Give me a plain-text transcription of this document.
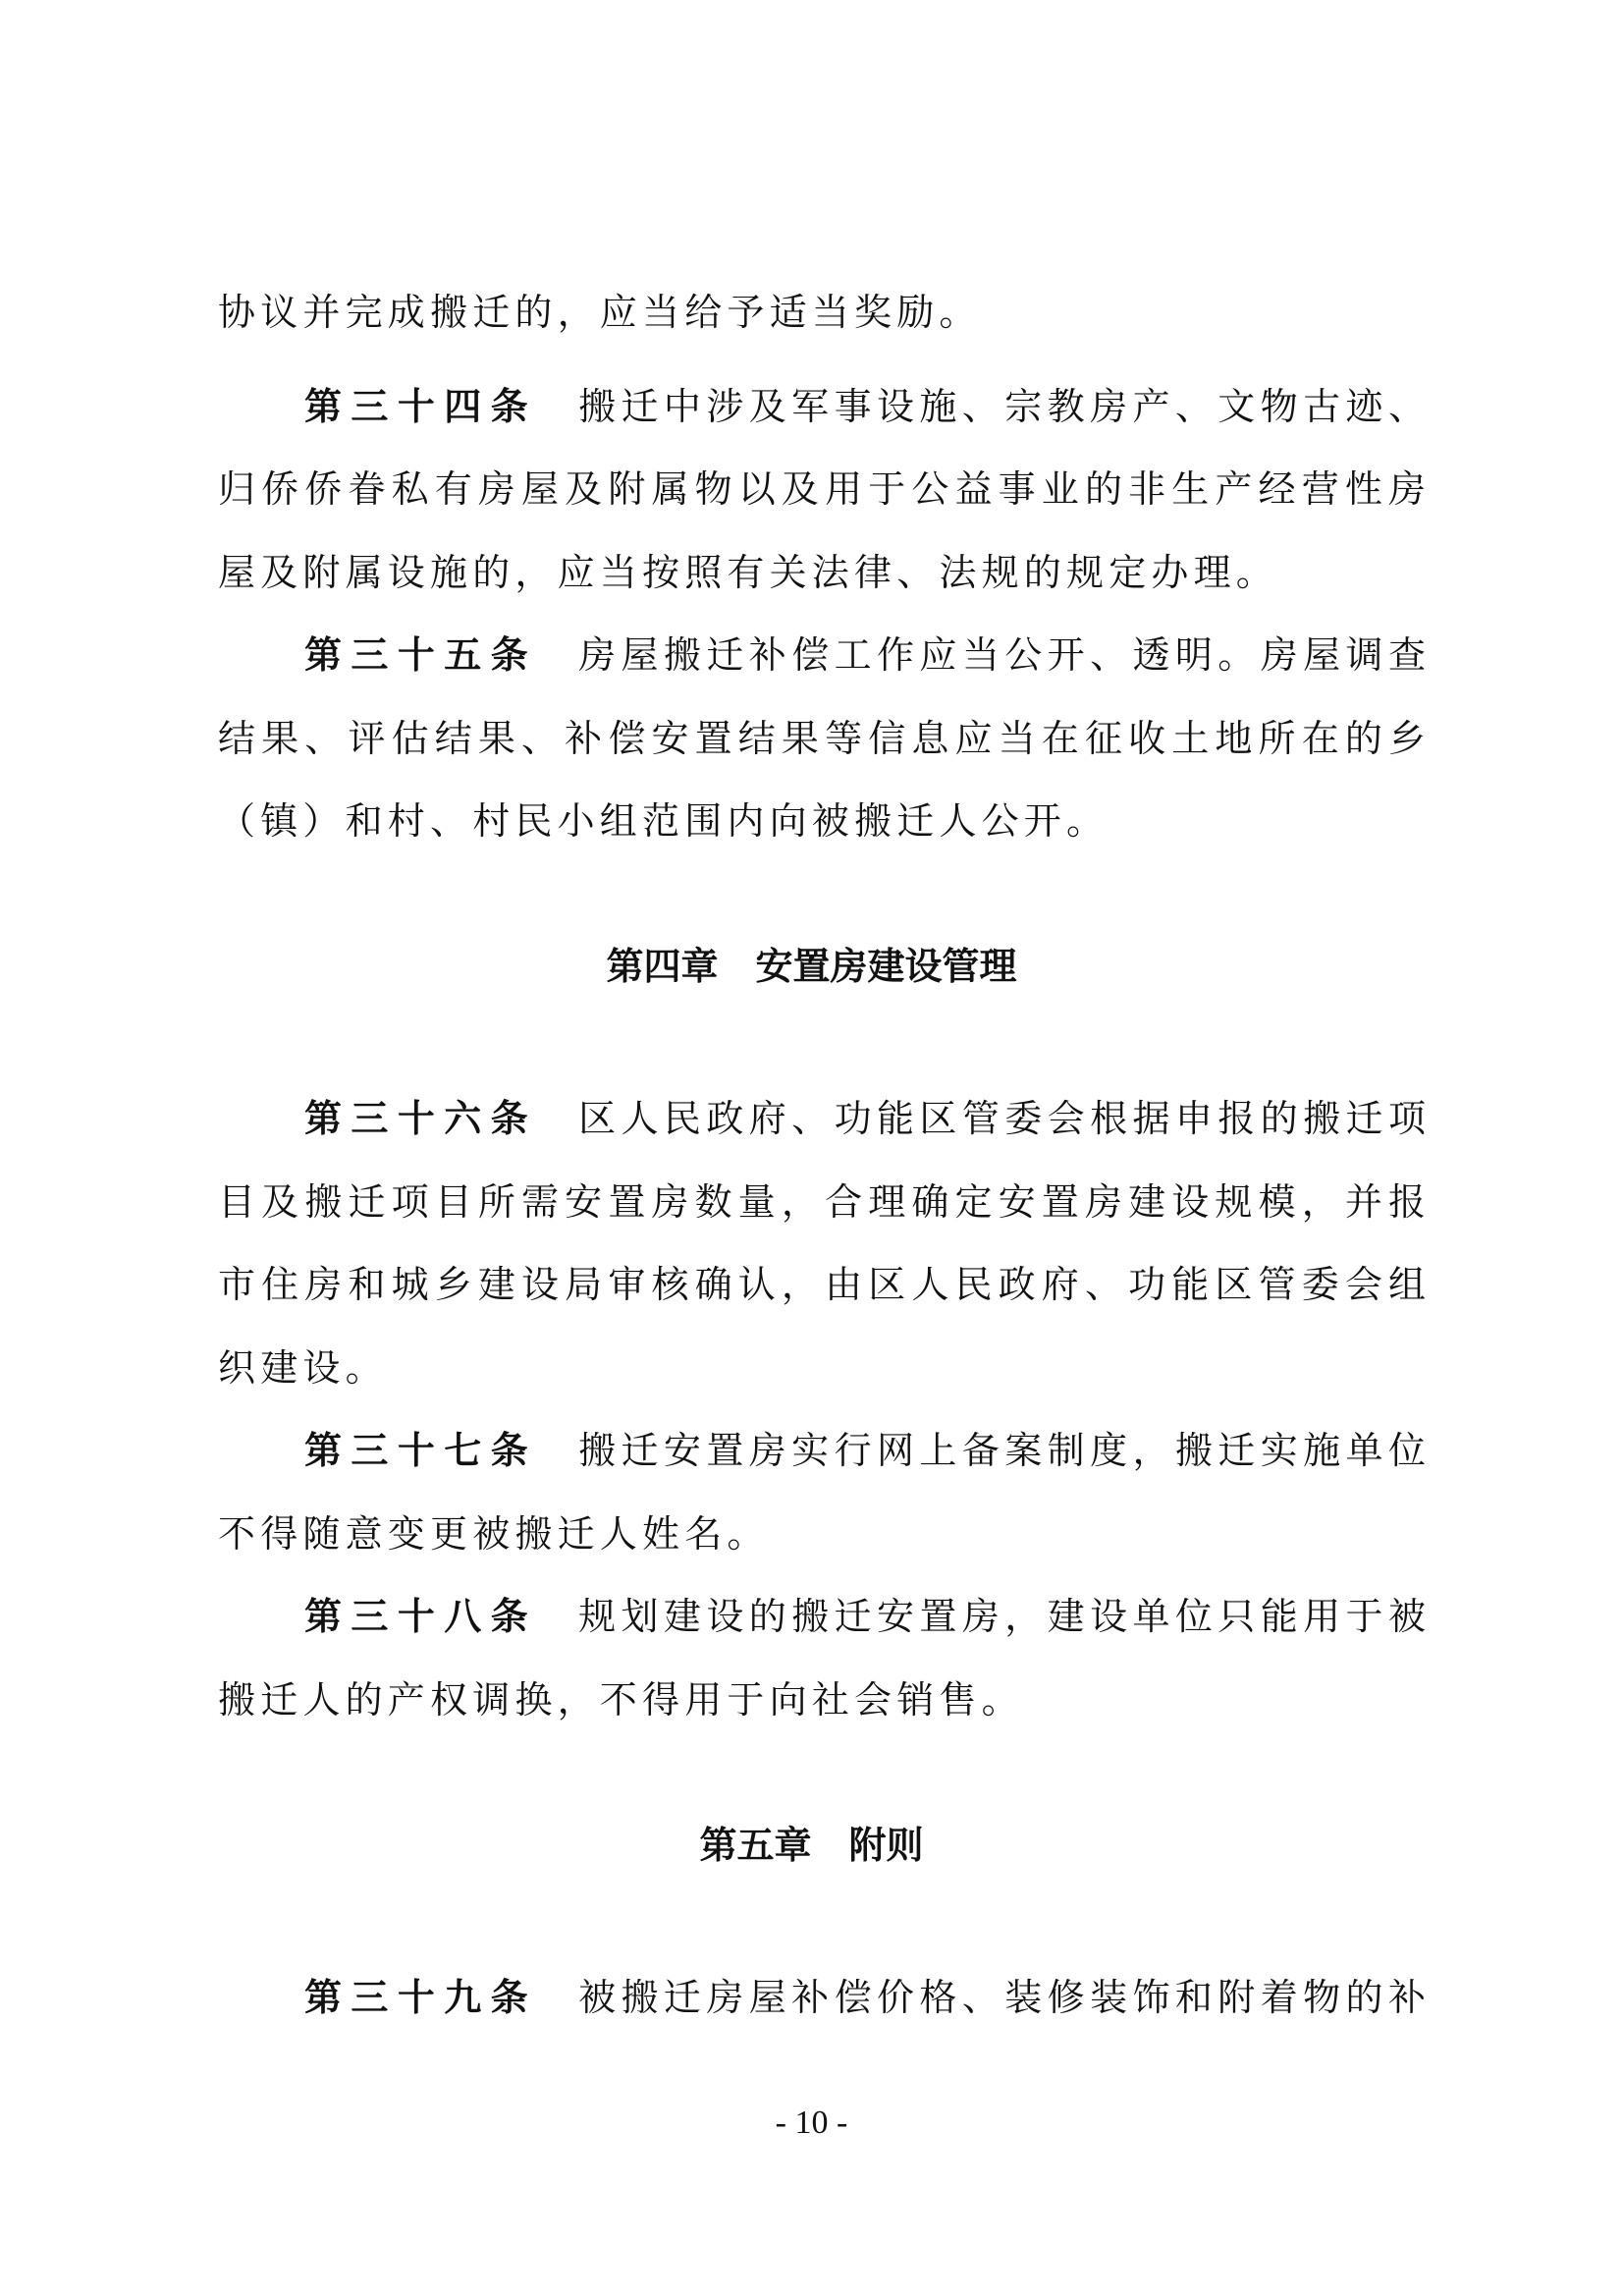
协议并完成搬迁的，应当给予适当奖励。
第三十四条 搬迁中涉及军事设施、宗教房产、文物古迹、
归侨侨眷私有房屋及附属物以及用于公益事业的非生产经营性房
屋及附属设施的，应当按照有关法律、法规的规定办理。
第三十五条 房屋搬迁补偿工作应当公开、透明。房屋调查
结果、评估结果、补偿安置结果等信息应当在征收土地所在的乡
（镇）和村、村民小组范围内向被搬迁人公开。
第四章　安置房建设管理
第三十六条 区人民政府、功能区管委会根据申报的搬迁项
目及搬迁项目所需安置房数量，合理确定安置房建设规模，并报
市住房和城乡建设局审核确认，由区人民政府、功能区管委会组
织建设。
第三十七条 搬迁安置房实行网上备案制度，搬迁实施单位
不得随意变更被搬迁人姓名。
第三十八条 规划建设的搬迁安置房，建设单位只能用于被
搬迁人的产权调换，不得用于向社会销售。
第五章　附则
第三十九条 被搬迁房屋补偿价格、装修装饰和附着物的补
- 10 -
